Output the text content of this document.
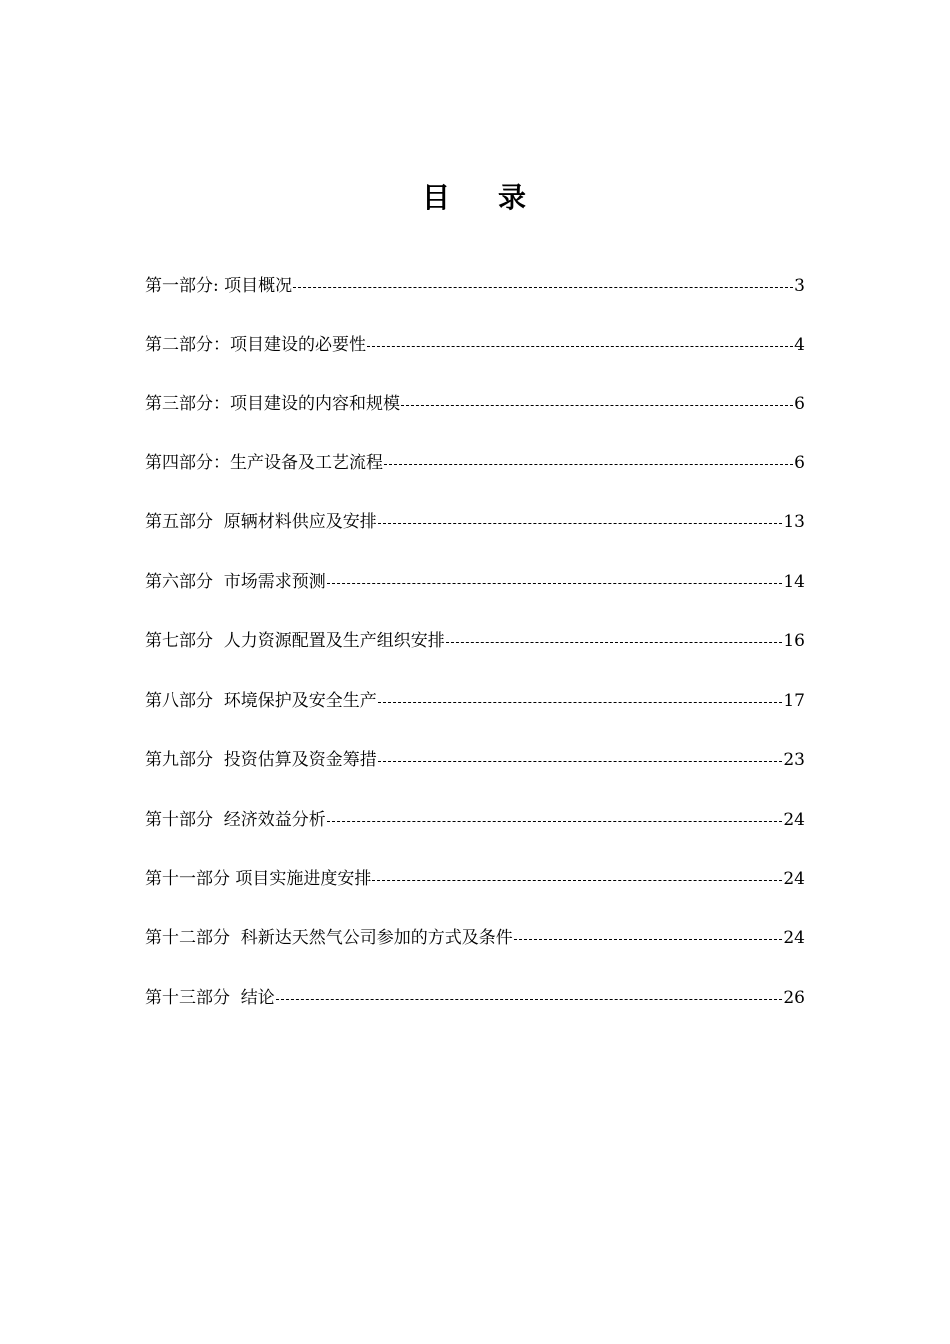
目 录
第一部分: 项目概况	3
第二部分：项目建设的必要性	4
第三部分：项目建设的内容和规模	6
第四部分：生产设备及工艺流程	6
第五部分  原辆材料供应及安排	13
第六部分  市场需求预测	14
第七部分  人力资源配置及生产组织安排	16
第八部分  环境保护及安全生产	17
第九部分  投资估算及资金筹措	23
第十部分  经济效益分析	24
第十一部分 项目实施进度安排	24
第十二部分  科新达天然气公司参加的方式及条件	24
第十三部分  结论	26
